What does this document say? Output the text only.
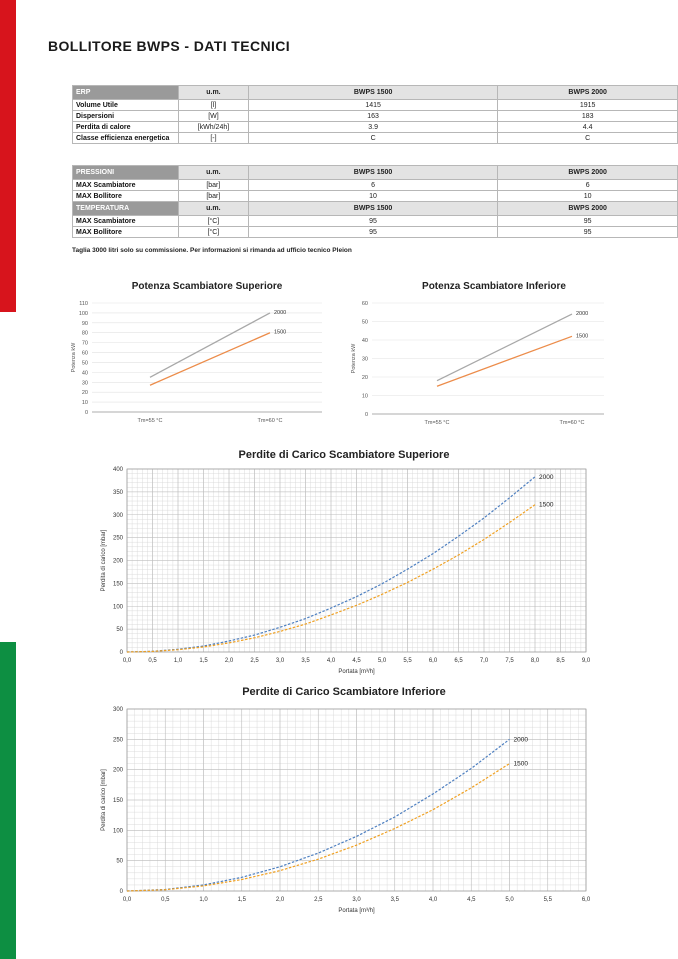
BOLLITORE BWPS - DATI TECNICI
ERP	u.m.	BWPS 1500	BWPS 2000
Volume Utile	[l]	1415	1915
Dispersioni	[W]	163	183
Perdita di calore	[kWh/24h]	3.9	4.4
Classe efficienza energetica	[-]	C	C
PRESSIONI	u.m.	BWPS 1500	BWPS 2000
MAX Scambiatore	[bar]	6	6
MAX Bollitore	[bar]	10	10
TEMPERATURA	u.m.	BWPS 1500	BWPS 2000
MAX Scambiatore	[°C]	95	95
MAX Bollitore	[°C]	95	95
Taglia 3000 litri solo su commissione. Per informazioni si rimanda ad ufficio tecnico Pleion
Potenza Scambiatore Superiore
0
10
20
30
40
50
60
70
80
90
100
110
Potenza kW
Tm=55 °C	Tm=60 °C
2000
1500
Potenza Scambiatore Inferiore
0
10
20
30
40
50
60
Potenza kW
Tm=55 °C	Tm=60 °C
2000
1500
Perdite di Carico Scambiatore Superiore
0,0	0,5	1,0	1,5	2,0	2,5	3,0	3,5	4,0	4,5	5,0	5,5	6,0	6,5	7,0	7,5	8,0	8,5	9,0
0
50
100
150
200
250
300
350
400
Portata [m³/h]
Perdita di carico [mbar]
2000
1500
Perdite di Carico Scambiatore Inferiore
0,0	0,5	1,0	1,5	2,0	2,5	3,0	3,5	4,0	4,5	5,0	5,5	6,0
0
50
100
150
200
250
300
Portata [m³/h]
Perdita di carico [mbar]
2000
1500
